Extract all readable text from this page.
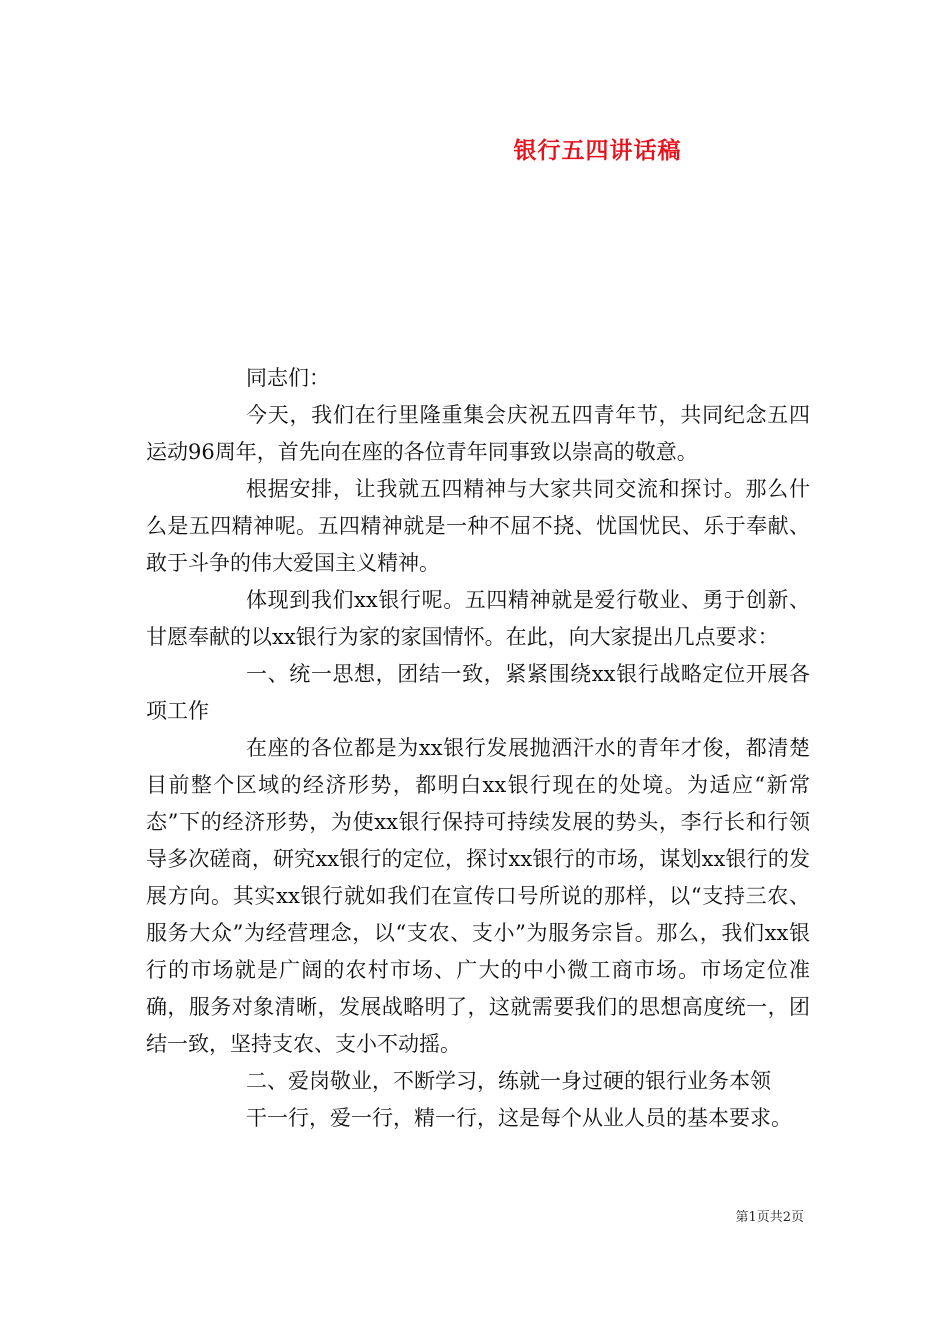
银行五四讲话稿

同志们：

今天，我们在行里隆重集会庆祝五四青年节，共同纪念五四运动96周年，首先向在座的各位青年同事致以崇高的敬意。

根据安排，让我就五四精神与大家共同交流和探讨。那么什么是五四精神呢。五四精神就是一种不屈不挠、忧国忧民、乐于奉献、敢于斗争的伟大爱国主义精神。

体现到我们xx银行呢。五四精神就是爱行敬业、勇于创新、甘愿奉献的以xx银行为家的家国情怀。在此，向大家提出几点要求：

一、统一思想，团结一致，紧紧围绕xx银行战略定位开展各项工作

在座的各位都是为xx银行发展抛洒汗水的青年才俊，都清楚目前整个区域的经济形势，都明白xx银行现在的处境。为适应“新常态”下的经济形势，为使xx银行保持可持续发展的势头，李行长和行领导多次磋商，研究xx银行的定位，探讨xx银行的市场，谋划xx银行的发展方向。其实xx银行就如我们在宣传口号所说的那样，以“支持三农、服务大众”为经营理念，以“支农、支小”为服务宗旨。那么，我们xx银行的市场就是广阔的农村市场、广大的中小微工商市场。市场定位准确，服务对象清晰，发展战略明了，这就需要我们的思想高度统一，团结一致，坚持支农、支小不动摇。

二、爱岗敬业，不断学习，练就一身过硬的银行业务本领

干一行，爱一行，精一行，这是每个从业人员的基本要求。

第1页共2页
